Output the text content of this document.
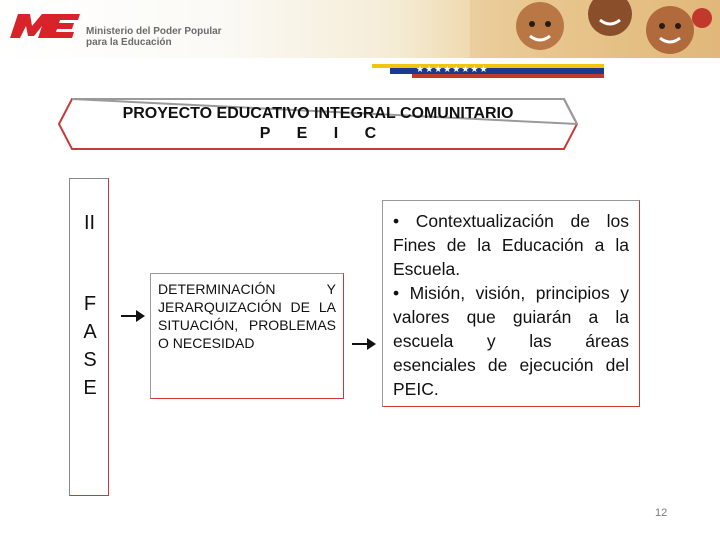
Ministerio del Poder Popular
para la Educación
★★★★★★★★
PROYECTO EDUCATIVO INTEGRAL COMUNITARIO
P E I C
II
F
A
S
E

DETERMINACIÓN Y JERARQUIZACIÓN DE LA SITUACIÓN, PROBLEMAS O NECESIDAD

• Contextualización de los Fines de la Educación a la Escuela.

• Misión, visión, principios y valores que guiarán a la escuela y las áreas esenciales de ejecución del PEIC.

12
